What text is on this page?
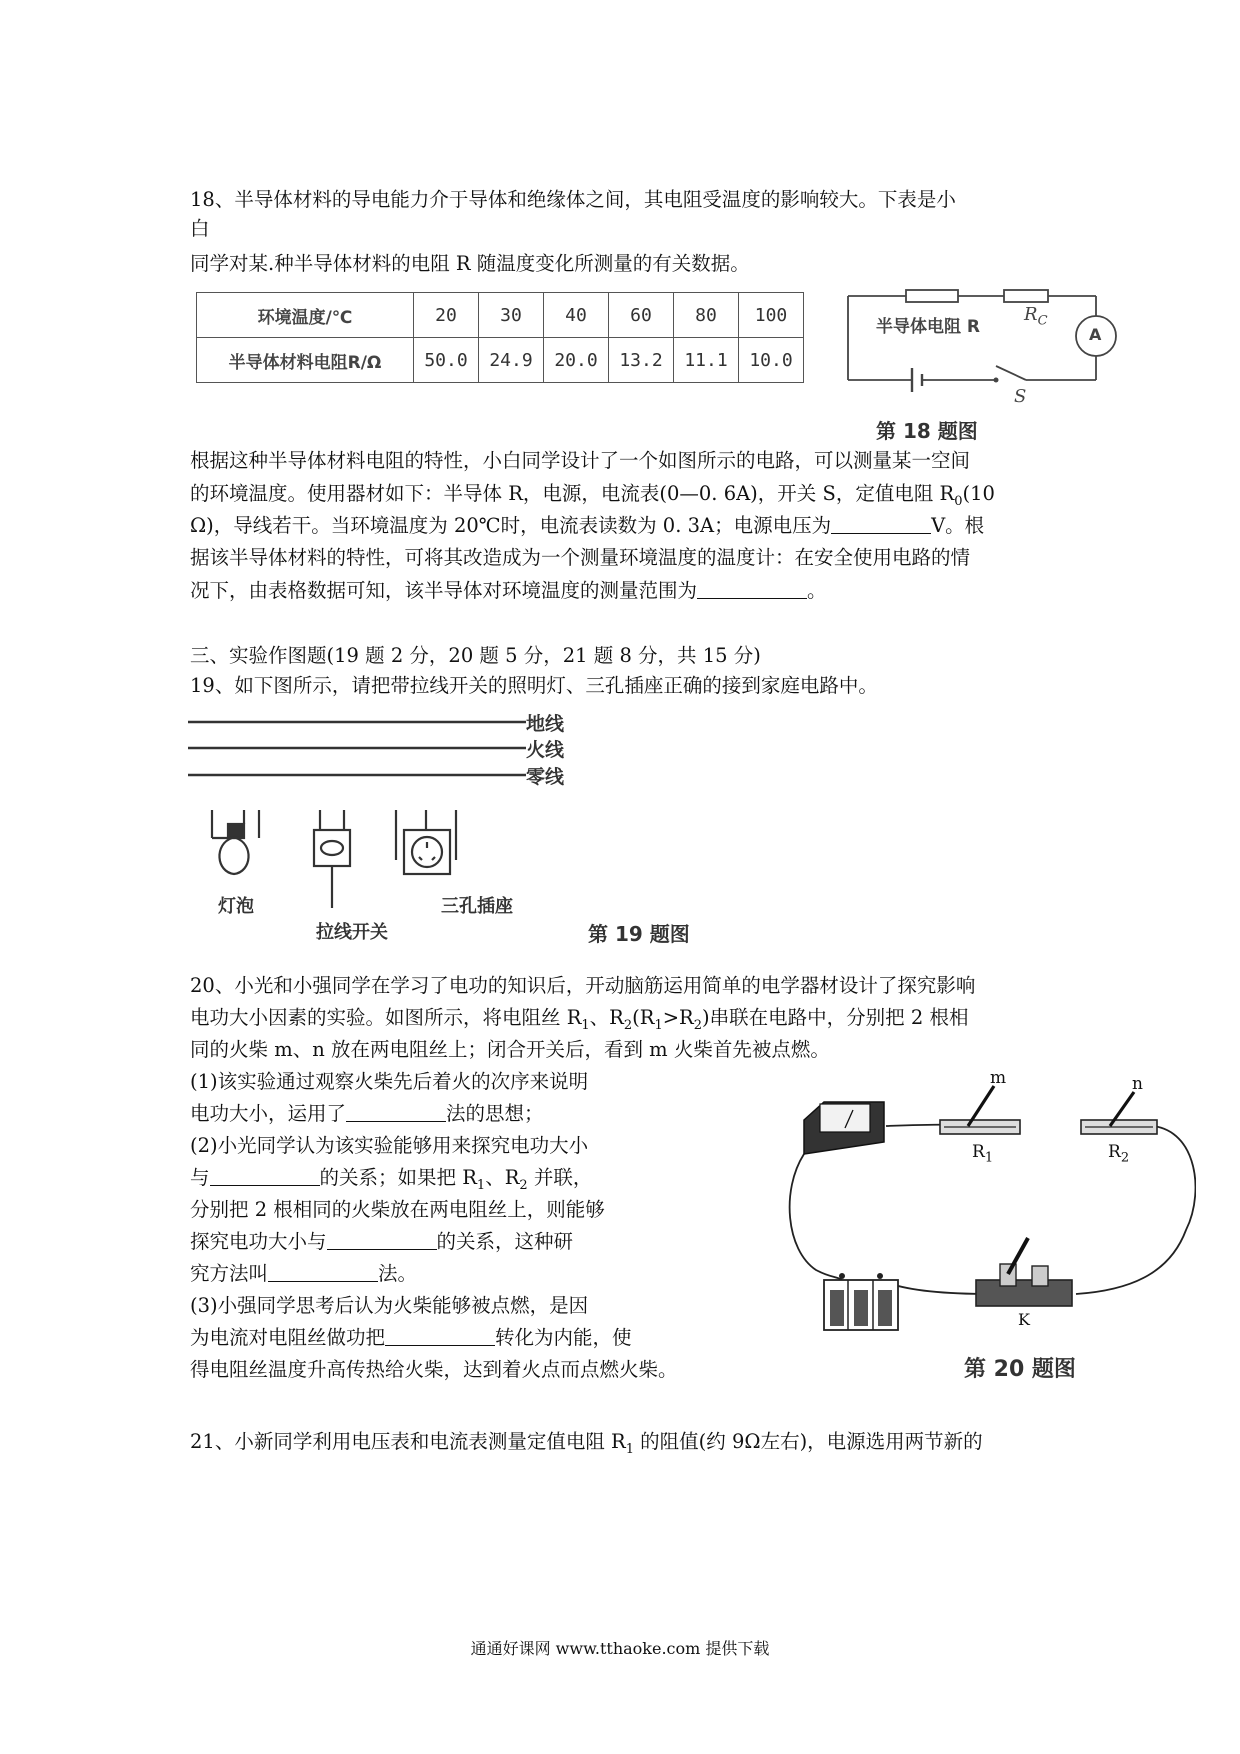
18、半导体材料的导电能力介于导体和绝缘体之间，其电阻受温度的影响较大。下表是小
白
同学对某.种半导体材料的电阻 R 随温度变化所测量的有关数据。
环境温度/℃	20	30	40	60	80	100
半导体材料电阻R/Ω	50.0	24.9	20.0	13.2	11.1	10.0
半导体电阻 R
$R_C$
A
S
第 18 题图
根据这种半导体材料电阻的特性，小白同学设计了一个如图所示的电路，可以测量某一空间
的环境温度。使用器材如下：半导体 R，电源，电流表(0—0. 6A)，开关 S，定值电阻 $R_0(10$
Ω)，导线若干。当环境温度为 20℃时，电流表读数为 0. 3A；电源电压为	V。根
据该半导体材料的特性，可将其改造成为一个测量环境温度的温度计：在安全使用电路的情
况下，由表格数据可知，该半导体对环境温度的测量范围为	。
三、实验作图题(19 题 2 分，20 题 5 分，21 题 8 分，共 15 分)
19、如下图所示，请把带拉线开关的照明灯、三孔插座正确的接到家庭电路中。
地线
火线
零线
灯泡
拉线开关
三孔插座
第 19 题图
20、小光和小强同学在学习了电功的知识后，开动脑筋运用简单的电学器材设计了探究影响
电功大小因素的实验。如图所示，将电阻丝 $R_1$、$R_2(R_1>R_2)$串联在电路中，分别把 2 根相
同的火柴 m、n 放在两电阻丝上；闭合开关后，看到 m 火柴首先被点燃。
(1)该实验通过观察火柴先后着火的次序来说明
电功大小，运用了	法的思想；
(2)小光同学认为该实验能够用来探究电功大小
与	的关系；如果把 $R_1$、$R_2$ 并联，
分别把 2 根相同的火柴放在两电阻丝上，则能够
探究电功大小与	的关系，这种研
究方法叫	法。
(3)小强同学思考后认为火柴能够被点燃，是因
为电流对电阻丝做功把	转化为内能，使
得电阻丝温度升高传热给火柴，达到着火点而点燃火柴。
m	n
$R_1$	$R_2$
K
第 20 题图
21、小新同学利用电压表和电流表测量定值电阻 $R_1$ 的阻值(约 9Ω左右)，电源选用两节新的
通通好课网 www.tthaoke.com 提供下载
